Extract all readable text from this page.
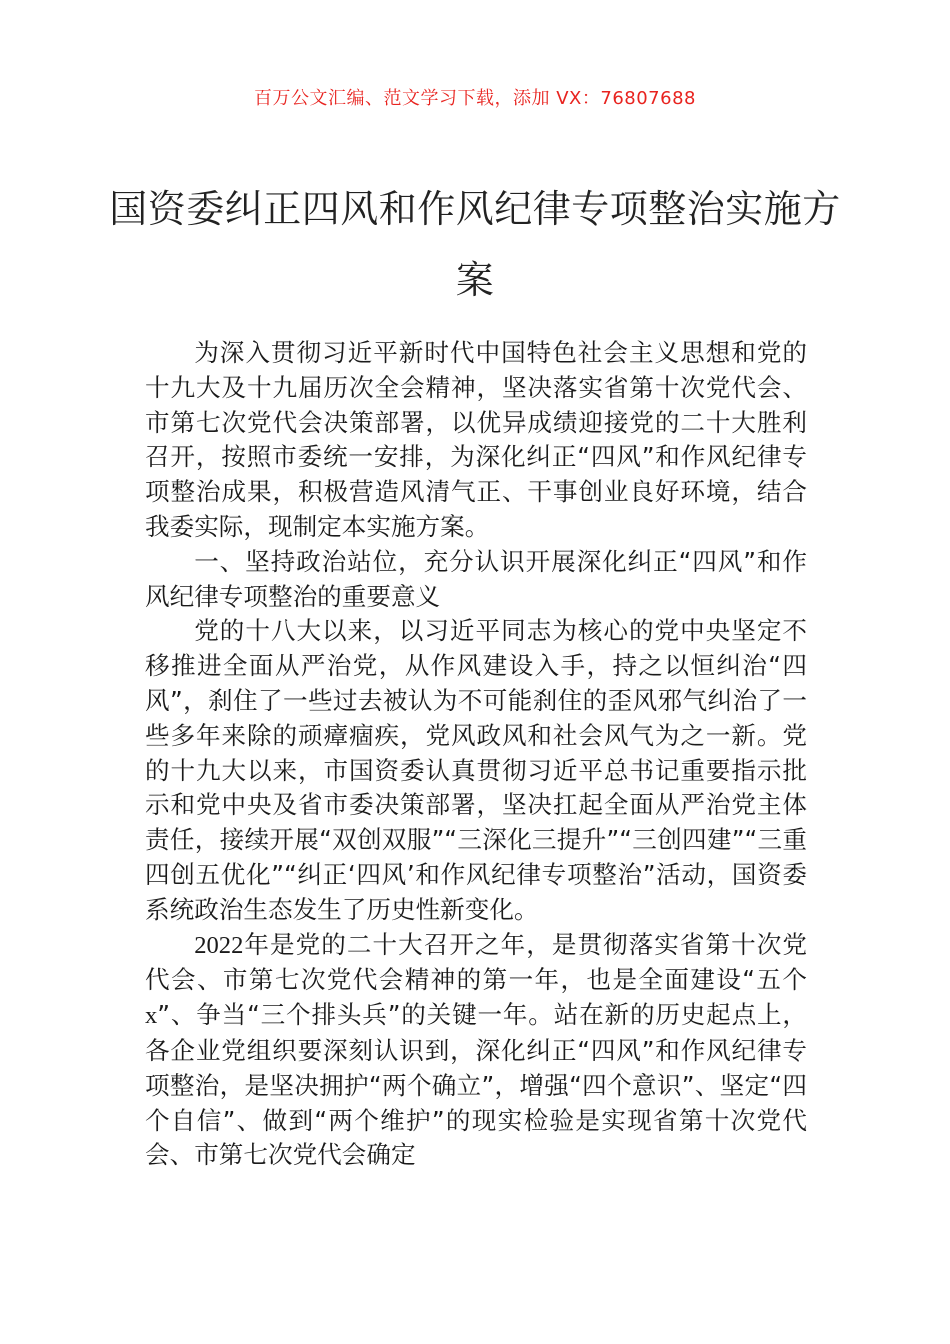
百万公文汇编、范文学习下载，添加 VX：76807688
国资委纠正四风和作风纪律专项整治实施方案

为深入贯彻习近平新时代中国特色社会主义思想和党的十九大及十九届历次全会精神，坚决落实省第十次党代会、市第七次党代会决策部署，以优异成绩迎接党的二十大胜利召开，按照市委统一安排，为深化纠正“四风”和作风纪律专项整治成果，积极营造风清气正、干事创业良好环境，结合我委实际，现制定本实施方案。

一、坚持政治站位，充分认识开展深化纠正“四风”和作风纪律专项整治的重要意义

党的十八大以来，以习近平同志为核心的党中央坚定不移推进全面从严治党，从作风建设入手，持之以恒纠治“四风”，刹住了一些过去被认为不可能刹住的歪风邪气纠治了一些多年来除的顽瘴痼疾，党风政风和社会风气为之一新。党的十九大以来，市国资委认真贯彻习近平总书记重要指示批示和党中央及省市委决策部署，坚决扛起全面从严治党主体责任，接续开展“双创双服”“三深化三提升”“三创四建”“三重四创五优化”“纠正‘四风’和作风纪律专项整治”活动，国资委系统政治生态发生了历史性新变化。

2022年是党的二十大召开之年，是贯彻落实省第十次党代会、市第七次党代会精神的第一年，也是全面建设“五个x”、争当“三个排头兵”的关键一年。站在新的历史起点上，各企业党组织要深刻认识到，深化纠正“四风”和作风纪律专项整治，是坚决拥护“两个确立”，增强“四个意识”、坚定“四个自信”、做到“两个维护”的现实检验是实现省第十次党代会、市第七次党代会确定
